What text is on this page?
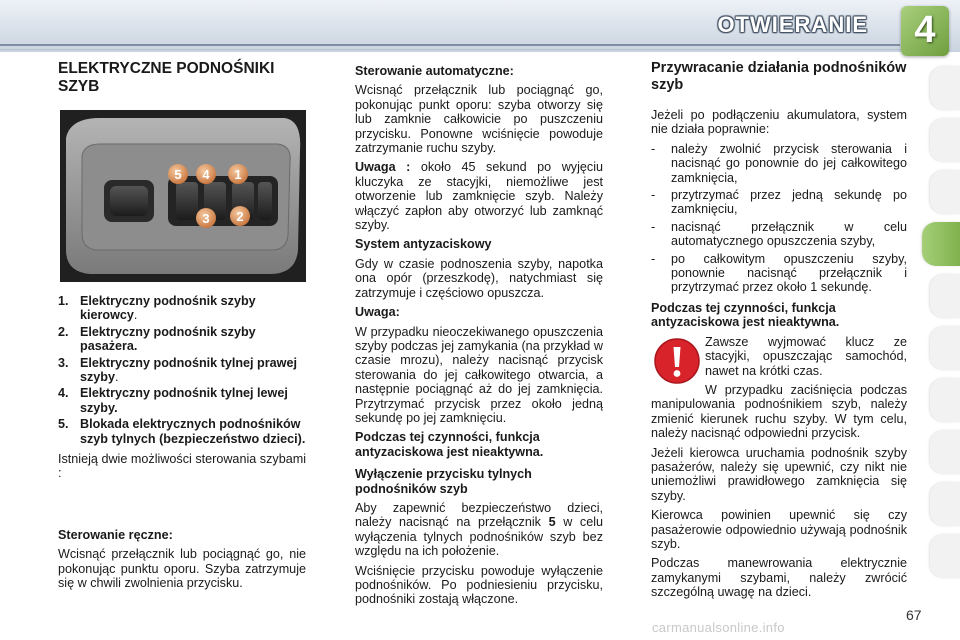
OTWIERANIE	4
ELEKTRYCZNE PODNOŚNIKI SZYB
5 4 1
3 2
1. Elektryczny podnośnik szyby kierowcy.
2. Elektryczny podnośnik szyby pasażera.
3. Elektryczny podnośnik tylnej prawej szyby.
4. Elektryczny podnośnik tylnej lewej szyby.
5. Blokada elektrycznych podnośników szyb tylnych (bezpieczeństwo dzieci).

Istnieją dwie możliwości sterowania szybami :

Sterowanie ręczne:

Wcisnąć przełącznik lub pociągnąć go, nie pokonując punktu oporu. Szyba zatrzymuje się w chwili zwolnienia przycisku.

Sterowanie automatyczne:

Wcisnąć przełącznik lub pociągnąć go, pokonując punkt oporu: szyba otworzy się lub zamknie całkowicie po puszczeniu przycisku. Ponowne wciśnięcie powoduje zatrzymanie ruchu szyby.

Uwaga : około 45 sekund po wyjęciu kluczyka ze stacyjki, niemożliwe jest otworzenie lub zamknięcie szyb. Należy włączyć zapłon aby otworzyć lub zamknąć szyby.

System antyzaciskowy

Gdy w czasie podnoszenia szyby, napotka ona opór (przeszkodę), natychmiast się zatrzymuje i częściowo opuszcza.

Uwaga:

W przypadku nieoczekiwanego opuszczenia szyby podczas jej zamykania (na przykład w czasie mrozu), należy nacisnąć przycisk sterowania do jej całkowitego otwarcia, a następnie pociągnąć aż do jej zamknięcia. Przytrzymać przycisk przez około jedną sekundę po jej zamknięciu.

Podczas tej czynności, funkcja antyzaciskowa jest nieaktywna.

Wyłączenie przycisku tylnych podnośników szyb

Aby zapewnić bezpieczeństwo dzieci, należy nacisnąć na przełącznik 5 w celu wyłączenia tylnych podnośników szyb bez względu na ich położenie.

Wciśnięcie przycisku powoduje wyłączenie podnośników. Po podniesieniu przycisku, podnośniki zostają włączone.

Przywracanie działania podnośników szyb

Jeżeli po podłączeniu akumulatora, system nie działa poprawnie:

- należy zwolnić przycisk sterowania i nacisnąć go ponownie do jej całkowitego zamknięcia,
- przytrzymać przez jedną sekundę po zamknięciu,
- nacisnąć przełącznik w celu automatycznego opuszczenia szyby,
- po całkowitym opuszczeniu szyby, ponownie nacisnąć przełącznik i przytrzymać przez około 1 sekundę.

Podczas tej czynności, funkcja antyzaciskowa jest nieaktywna.

Zawsze wyjmować klucz ze stacyjki, opuszczając samochód, nawet na krótki czas.

W przypadku zaciśnięcia podczas manipulowania podnośnikiem szyb, należy zmienić kierunek ruchu szyby. W tym celu, należy nacisnąć odpowiedni przycisk.

Jeżeli kierowca uruchamia podnośnik szyby pasażerów, należy się upewnić, czy nikt nie uniemożliwi prawidłowego zamknięcia się szyby.

Kierowca powinien upewnić się czy pasażerowie odpowiednio używają podnośnik szyb.

Podczas manewrowania elektrycznie zamykanymi szybami, należy zwrócić szczególną uwagę na dzieci.

67
carmanualsonline.info
